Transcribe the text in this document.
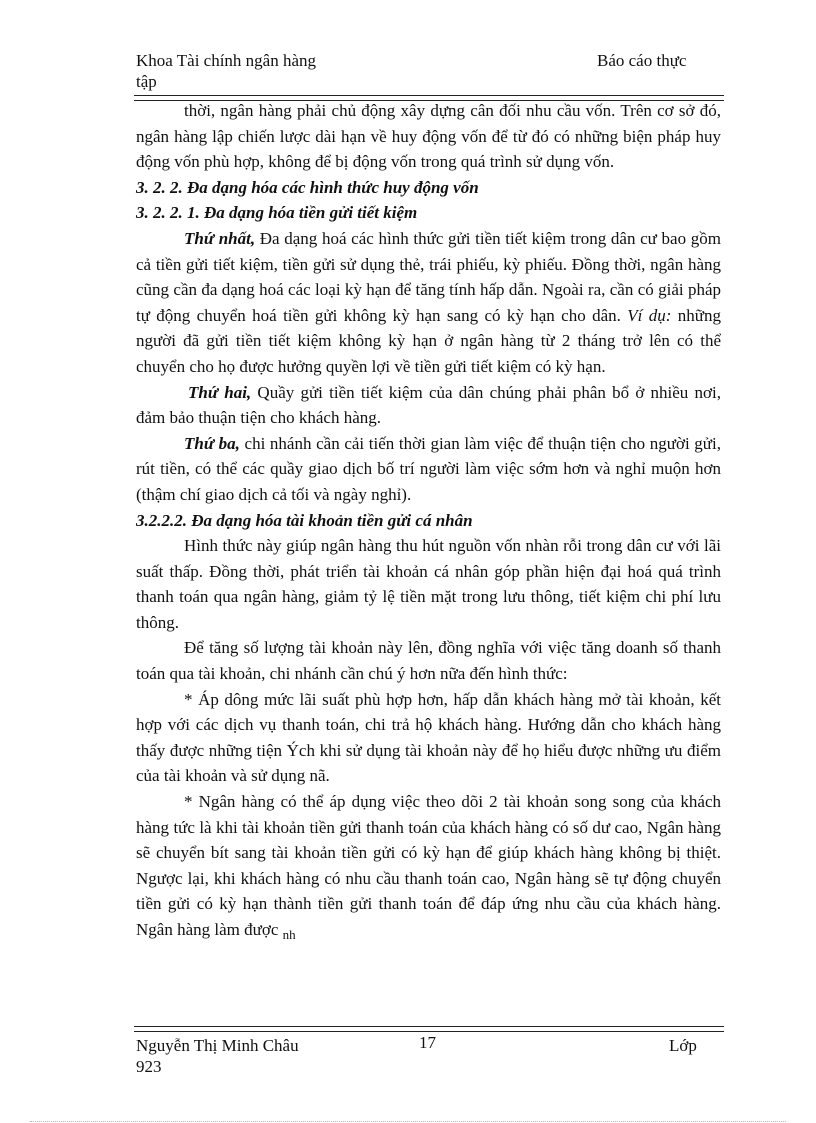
Khoa Tài chính ngân hàng
tập
Báo cáo thực

thời, ngân hàng phải chủ động xây dựng cân đối nhu cầu vốn. Trên cơ sở đó, ngân hàng lập chiến lược dài hạn về huy động vốn để từ đó có những biện pháp huy động vốn phù hợp, không để bị động vốn trong quá trình sử dụng vốn.

3. 2. 2. Đa dạng hóa các hình thức huy động vốn

3. 2. 2. 1. Đa dạng hóa tiền gửi tiết kiệm

Thứ nhất, Đa dạng hoá các hình thức gửi tiền tiết kiệm trong dân cư bao gồm cả tiền gửi tiết kiệm, tiền gửi sử dụng thẻ, trái phiếu, kỳ phiếu. Đồng thời, ngân hàng cũng cần đa dạng hoá các loại kỳ hạn để tăng tính hấp dẫn. Ngoài ra, cần có giải pháp tự động chuyển hoá tiền gửi không kỳ hạn sang có kỳ hạn cho dân. Ví dụ: những người đã gửi tiền tiết kiệm không kỳ hạn ở ngân hàng từ 2 tháng trở lên có thể chuyển cho họ được hưởng quyền lợi về tiền gửi tiết kiệm có kỳ hạn.

Thứ hai, Quầy gửi tiền tiết kiệm của dân chúng phải phân bổ ở nhiều nơi, đảm bảo thuận tiện cho khách hàng.

Thứ ba, chi nhánh cần cải tiến thời gian làm việc để thuận tiện cho người gửi, rút tiền, có thể các quầy giao dịch bố trí người làm việc sớm hơn và nghỉ muộn hơn (thậm chí giao dịch cả tối và ngày nghỉ).

3.2.2.2. Đa dạng hóa tài khoản tiền gửi cá nhân

Hình thức này giúp ngân hàng thu hút nguồn vốn nhàn rỗi trong dân cư với lãi suất thấp. Đồng thời, phát triển tài khoản cá nhân góp phần hiện đại hoá quá trình thanh toán qua ngân hàng, giảm tỷ lệ tiền mặt trong lưu thông, tiết kiệm chi phí lưu thông.

Để tăng số lượng tài khoản này lên, đồng nghĩa với việc tăng doanh số thanh toán qua tài khoản, chi nhánh cần chú ý hơn nữa đến hình thức:

* Áp dông mức lãi suất phù hợp hơn, hấp dẫn khách hàng mở tài khoản, kết hợp với các dịch vụ thanh toán, chi trả hộ khách hàng. Hướng dẫn cho khách hàng thấy được những tiện Ých khi sử dụng tài khoản này để họ hiểu được những ưu điểm của tài khoản và sử dụng nã.

* Ngân hàng có thể áp dụng việc theo dõi 2 tài khoản song song của khách hàng tức là khi tài khoản tiền gửi thanh toán của khách hàng có số dư cao, Ngân hàng sẽ chuyển bít sang tài khoản tiền gửi có kỳ hạn để giúp khách hàng không bị thiệt. Ngược lại, khi khách hàng có nhu cầu thanh toán cao, Ngân hàng sẽ tự động chuyển tiền gửi có kỳ hạn thành tiền gửi thanh toán để đáp ứng nhu cầu của khách hàng. Ngân hàng làm được $_{nh}$

Nguyễn Thị Minh Châu
923
17	Lớp
